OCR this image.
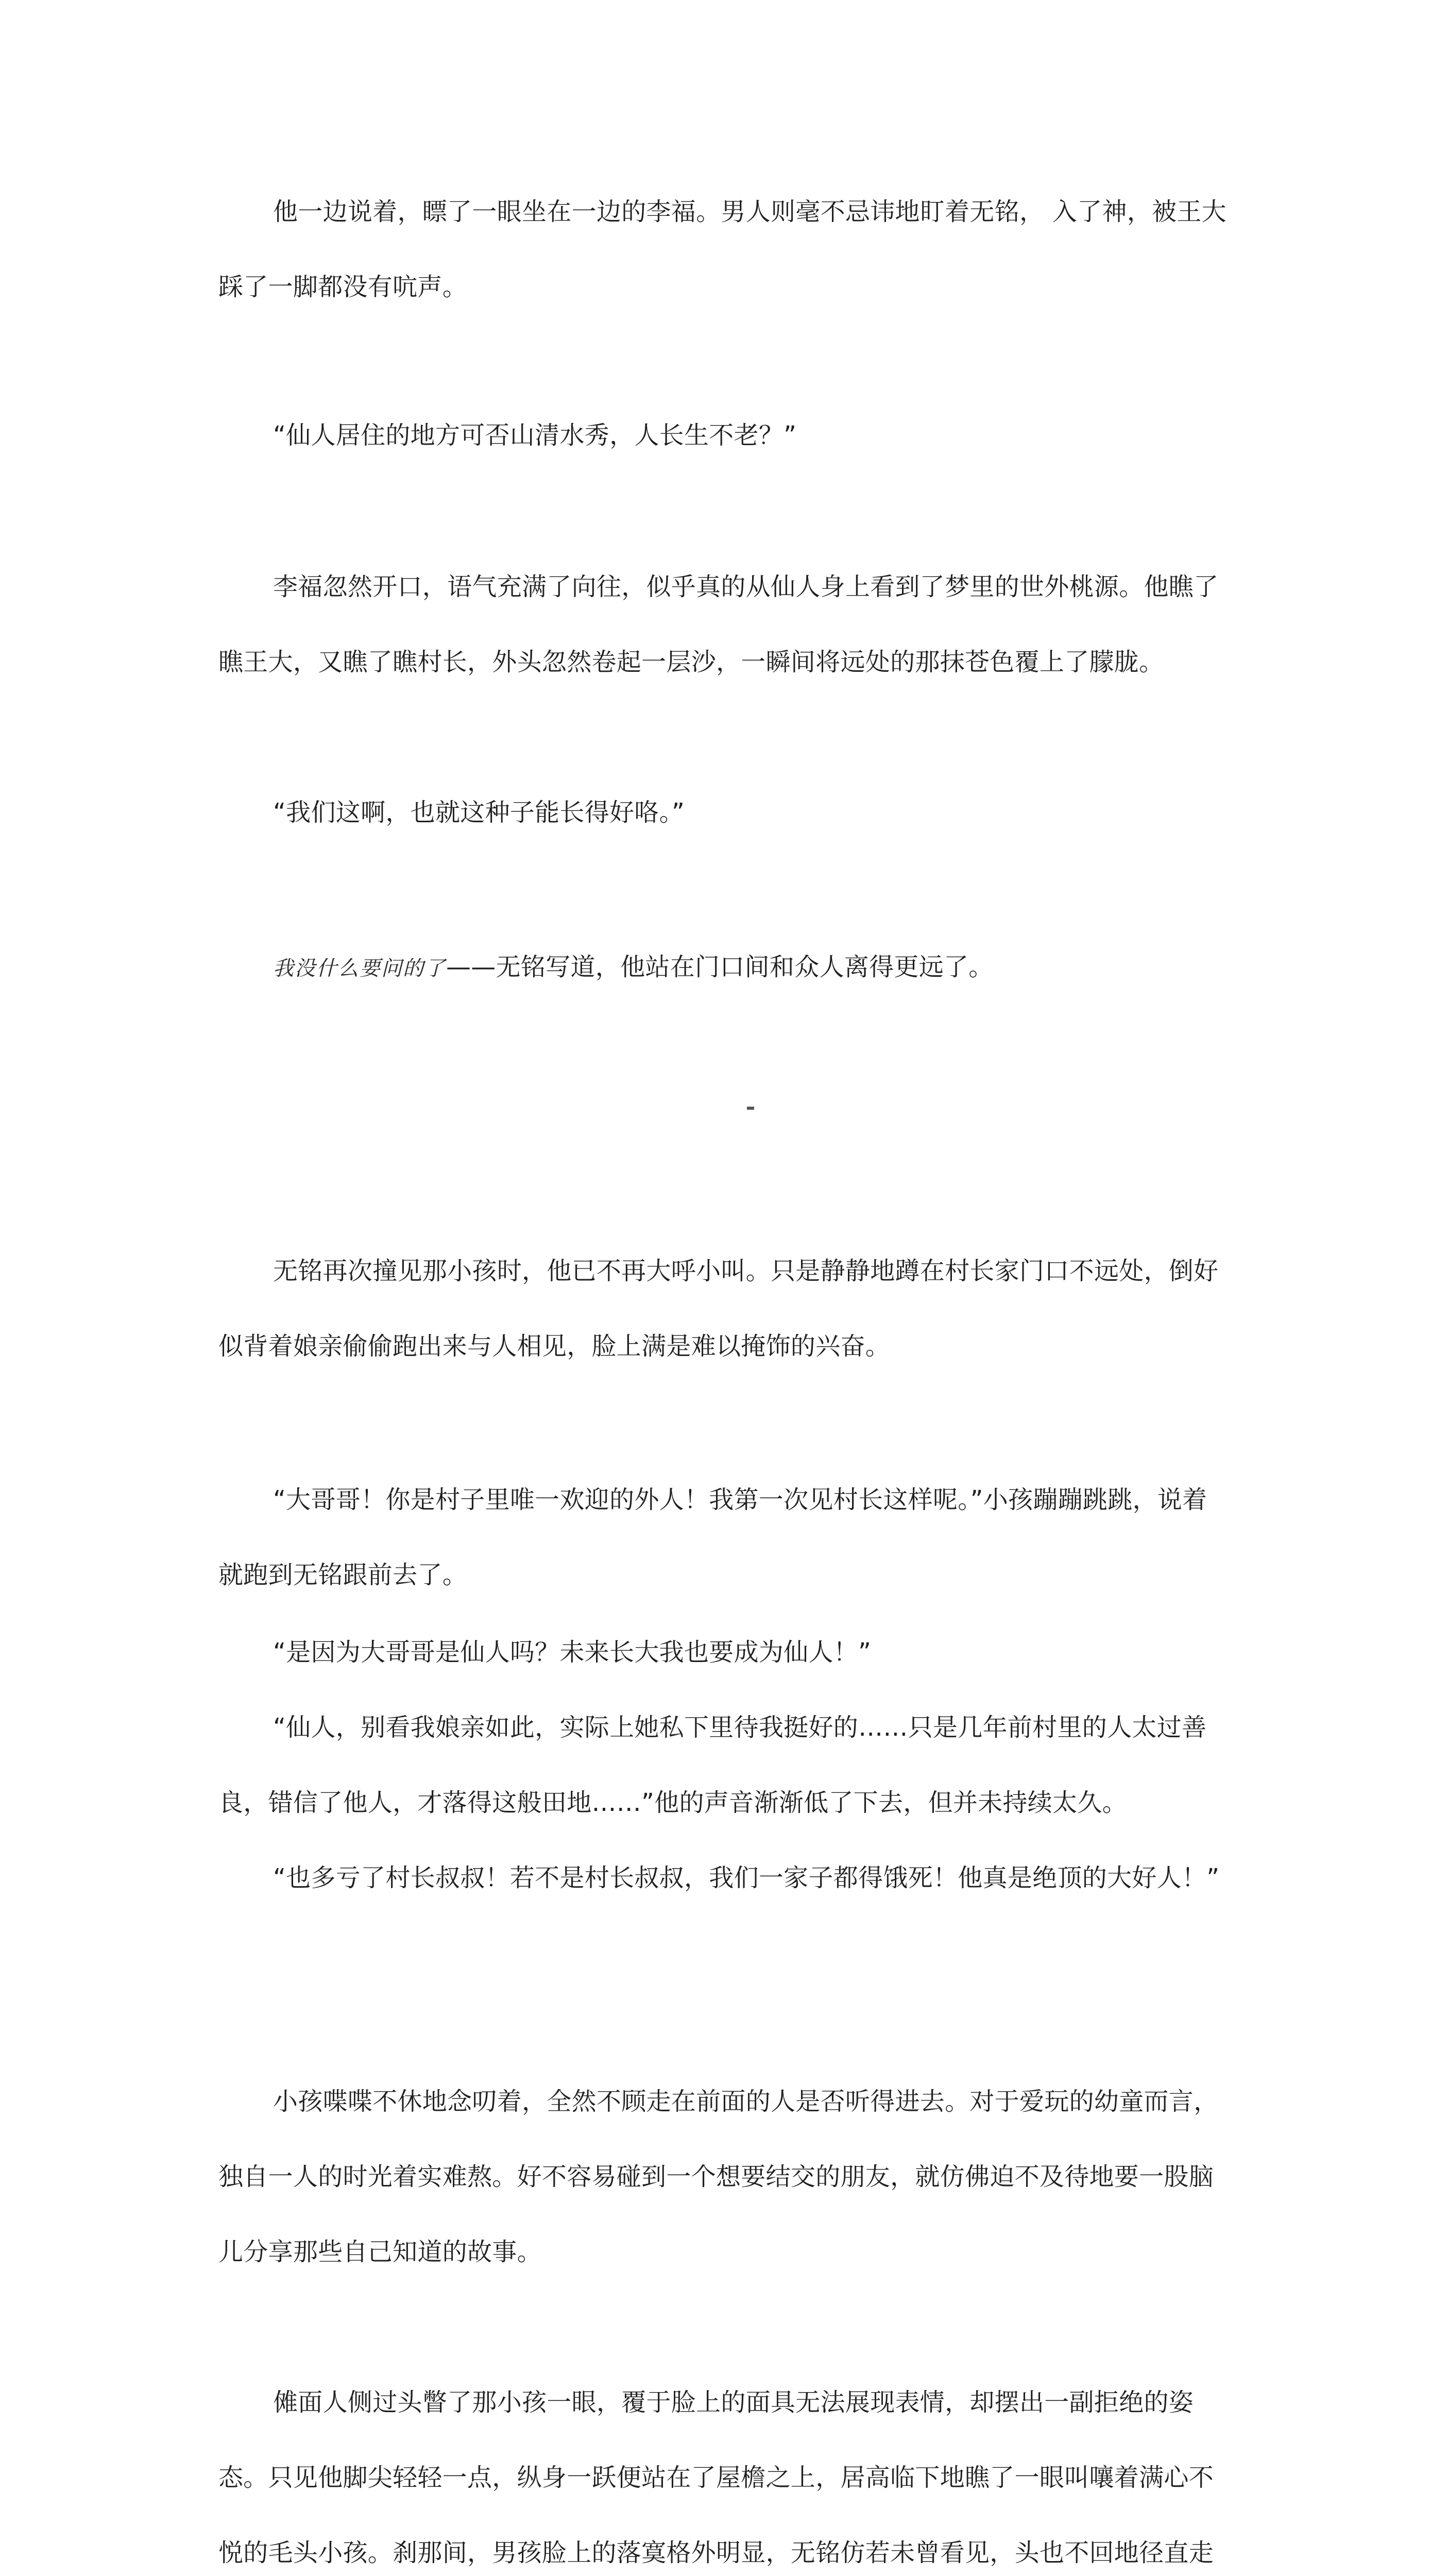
他一边说着，瞟了一眼坐在一边的李福。男人则毫不忌讳地盯着无铭， 入了神，被王大踩了一脚都没有吭声。

“仙人居住的地方可否山清水秀，人长生不老？”

李福忽然开口，语气充满了向往，似乎真的从仙人身上看到了梦里的世外桃源。他瞧了瞧王大，又瞧了瞧村长，外头忽然卷起一层沙，一瞬间将远处的那抹苍色覆上了朦胧。

“我们这啊，也就这种子能长得好咯。”

我没什么要问的了——无铭写道，他站在门口间和众人离得更远了。

无铭再次撞见那小孩时，他已不再大呼小叫。只是静静地蹲在村长家门口不远处，倒好似背着娘亲偷偷跑出来与人相见，脸上满是难以掩饰的兴奋。

“大哥哥！你是村子里唯一欢迎的外人！我第一次见村长这样呢。”小孩蹦蹦跳跳，说着就跑到无铭跟前去了。

“是因为大哥哥是仙人吗？未来长大我也要成为仙人！”

“仙人，别看我娘亲如此，实际上她私下里待我挺好的……只是几年前村里的人太过善良，错信了他人，才落得这般田地……”他的声音渐渐低了下去，但并未持续太久。

“也多亏了村长叔叔！若不是村长叔叔，我们一家子都得饿死！他真是绝顶的大好人！”

小孩喋喋不休地念叨着，全然不顾走在前面的人是否听得进去。对于爱玩的幼童而言，独自一人的时光着实难熬。好不容易碰到一个想要结交的朋友，就仿佛迫不及待地要一股脑儿分享那些自己知道的故事。

傩面人侧过头瞥了那小孩一眼，覆于脸上的面具无法展现表情，却摆出一副拒绝的姿态。只见他脚尖轻轻一点，纵身一跃便站在了屋檐之上，居高临下地瞧了一眼叫嚷着满心不悦的毛头小孩。刹那间，男孩脸上的落寞格外明显，无铭仿若未曾看见，头也不回地径直走
